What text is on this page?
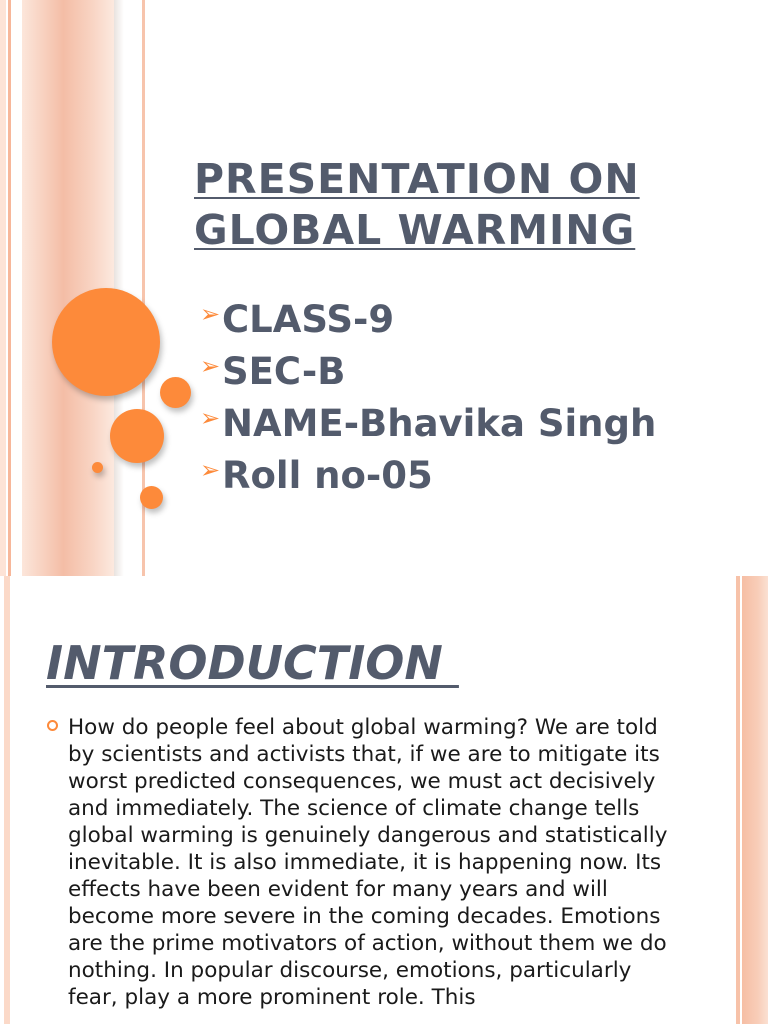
PRESENTATION ON GLOBAL WARMING
➢ CLASS-9
➢ SEC-B
➢ NAME-Bhavika Singh
➢ Roll no-05
INTRODUCTION

How do people feel about global warming? We are told by scientists and activists that, if we are to mitigate its worst predicted consequences, we must act decisively and immediately. The science of climate change tells global warming is genuinely dangerous and statistically inevitable. It is also immediate, it is happening now. Its effects have been evident for many years and will become more severe in the coming decades. Emotions are the prime motivators of action, without them we do nothing. In popular discourse, emotions, particularly fear, play a more prominent role. This
